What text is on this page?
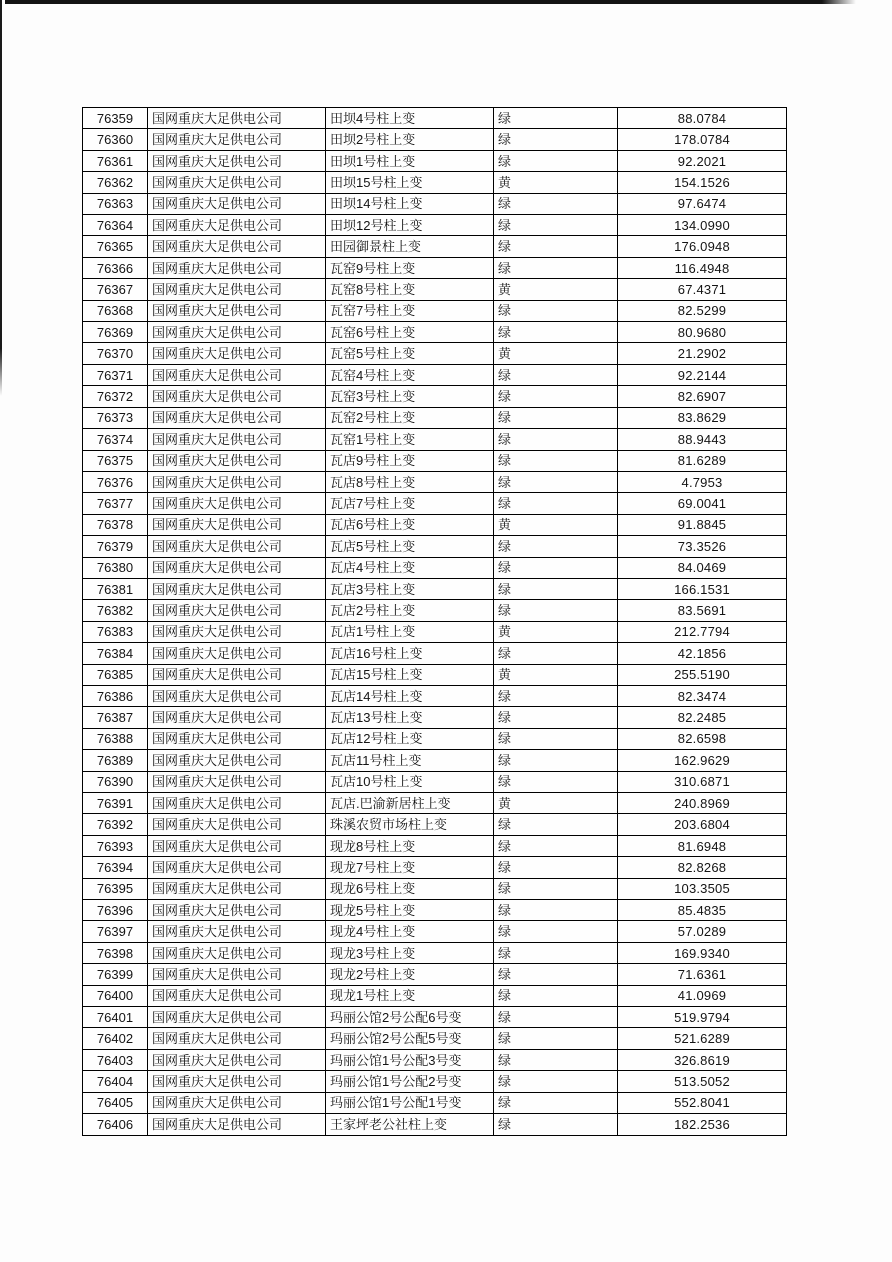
76359	国网重庆大足供电公司	田坝4号柱上变	绿	88.0784
76360	国网重庆大足供电公司	田坝2号柱上变	绿	178.0784
76361	国网重庆大足供电公司	田坝1号柱上变	绿	92.2021
76362	国网重庆大足供电公司	田坝15号柱上变	黄	154.1526
76363	国网重庆大足供电公司	田坝14号柱上变	绿	97.6474
76364	国网重庆大足供电公司	田坝12号柱上变	绿	134.0990
76365	国网重庆大足供电公司	田园御景柱上变	绿	176.0948
76366	国网重庆大足供电公司	瓦窑9号柱上变	绿	116.4948
76367	国网重庆大足供电公司	瓦窑8号柱上变	黄	67.4371
76368	国网重庆大足供电公司	瓦窑7号柱上变	绿	82.5299
76369	国网重庆大足供电公司	瓦窑6号柱上变	绿	80.9680
76370	国网重庆大足供电公司	瓦窑5号柱上变	黄	21.2902
76371	国网重庆大足供电公司	瓦窑4号柱上变	绿	92.2144
76372	国网重庆大足供电公司	瓦窑3号柱上变	绿	82.6907
76373	国网重庆大足供电公司	瓦窑2号柱上变	绿	83.8629
76374	国网重庆大足供电公司	瓦窑1号柱上变	绿	88.9443
76375	国网重庆大足供电公司	瓦店9号柱上变	绿	81.6289
76376	国网重庆大足供电公司	瓦店8号柱上变	绿	4.7953
76377	国网重庆大足供电公司	瓦店7号柱上变	绿	69.0041
76378	国网重庆大足供电公司	瓦店6号柱上变	黄	91.8845
76379	国网重庆大足供电公司	瓦店5号柱上变	绿	73.3526
76380	国网重庆大足供电公司	瓦店4号柱上变	绿	84.0469
76381	国网重庆大足供电公司	瓦店3号柱上变	绿	166.1531
76382	国网重庆大足供电公司	瓦店2号柱上变	绿	83.5691
76383	国网重庆大足供电公司	瓦店1号柱上变	黄	212.7794
76384	国网重庆大足供电公司	瓦店16号柱上变	绿	42.1856
76385	国网重庆大足供电公司	瓦店15号柱上变	黄	255.5190
76386	国网重庆大足供电公司	瓦店14号柱上变	绿	82.3474
76387	国网重庆大足供电公司	瓦店13号柱上变	绿	82.2485
76388	国网重庆大足供电公司	瓦店12号柱上变	绿	82.6598
76389	国网重庆大足供电公司	瓦店11号柱上变	绿	162.9629
76390	国网重庆大足供电公司	瓦店10号柱上变	绿	310.6871
76391	国网重庆大足供电公司	瓦店.巴渝新居柱上变	黄	240.8969
76392	国网重庆大足供电公司	珠溪农贸市场柱上变	绿	203.6804
76393	国网重庆大足供电公司	现龙8号柱上变	绿	81.6948
76394	国网重庆大足供电公司	现龙7号柱上变	绿	82.8268
76395	国网重庆大足供电公司	现龙6号柱上变	绿	103.3505
76396	国网重庆大足供电公司	现龙5号柱上变	绿	85.4835
76397	国网重庆大足供电公司	现龙4号柱上变	绿	57.0289
76398	国网重庆大足供电公司	现龙3号柱上变	绿	169.9340
76399	国网重庆大足供电公司	现龙2号柱上变	绿	71.6361
76400	国网重庆大足供电公司	现龙1号柱上变	绿	41.0969
76401	国网重庆大足供电公司	玛丽公馆2号公配6号变	绿	519.9794
76402	国网重庆大足供电公司	玛丽公馆2号公配5号变	绿	521.6289
76403	国网重庆大足供电公司	玛丽公馆1号公配3号变	绿	326.8619
76404	国网重庆大足供电公司	玛丽公馆1号公配2号变	绿	513.5052
76405	国网重庆大足供电公司	玛丽公馆1号公配1号变	绿	552.8041
76406	国网重庆大足供电公司	王家坪老公社柱上变	绿	182.2536
